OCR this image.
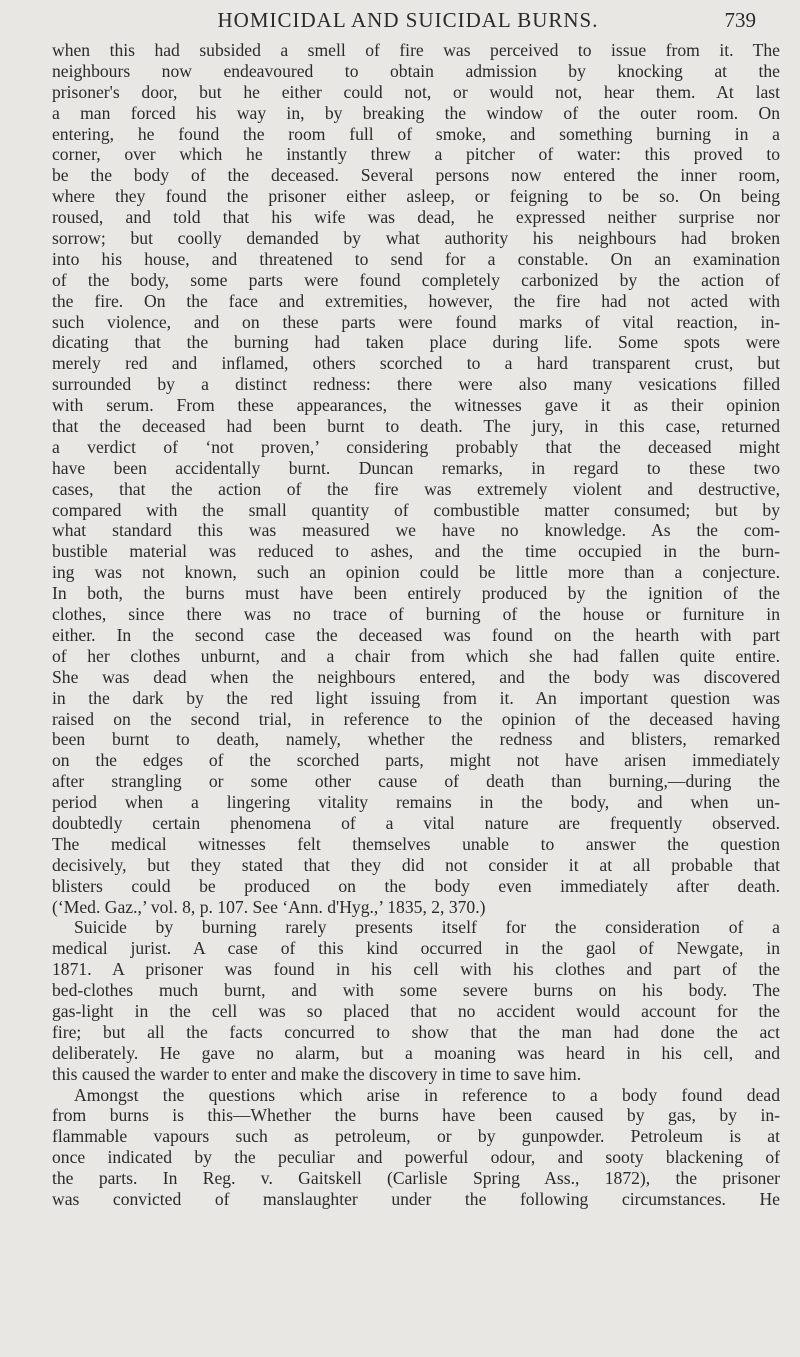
HOMICIDAL AND SUICIDAL BURNS.	739
when this had subsided a smell of fire was perceived to issue from it. The
neighbours now endeavoured to obtain admission by knocking at the
prisoner's door, but he either could not, or would not, hear them. At last
a man forced his way in, by breaking the window of the outer room. On
entering, he found the room full of smoke, and something burning in a
corner, over which he instantly threw a pitcher of water: this proved to
be the body of the deceased. Several persons now entered the inner room,
where they found the prisoner either asleep, or feigning to be so. On being
roused, and told that his wife was dead, he expressed neither surprise nor
sorrow; but coolly demanded by what authority his neighbours had broken
into his house, and threatened to send for a constable. On an examination
of the body, some parts were found completely carbonized by the action of
the fire. On the face and extremities, however, the fire had not acted with
such violence, and on these parts were found marks of vital reaction, in-
dicating that the burning had taken place during life. Some spots were
merely red and inflamed, others scorched to a hard transparent crust, but
surrounded by a distinct redness: there were also many vesications filled
with serum. From these appearances, the witnesses gave it as their opinion
that the deceased had been burnt to death. The jury, in this case, returned
a verdict of ‘not proven,’ considering probably that the deceased might
have been accidentally burnt. Duncan remarks, in regard to these two
cases, that the action of the fire was extremely violent and destructive,
compared with the small quantity of combustible matter consumed; but by
what standard this was measured we have no knowledge. As the com-
bustible material was reduced to ashes, and the time occupied in the burn-
ing was not known, such an opinion could be little more than a conjecture.
In both, the burns must have been entirely produced by the ignition of the
clothes, since there was no trace of burning of the house or furniture in
either. In the second case the deceased was found on the hearth with part
of her clothes unburnt, and a chair from which she had fallen quite entire.
She was dead when the neighbours entered, and the body was discovered
in the dark by the red light issuing from it. An important question was
raised on the second trial, in reference to the opinion of the deceased having
been burnt to death, namely, whether the redness and blisters, remarked
on the edges of the scorched parts, might not have arisen immediately
after strangling or some other cause of death than burning,—during the
period when a lingering vitality remains in the body, and when un-
doubtedly certain phenomena of a vital nature are frequently observed.
The medical witnesses felt themselves unable to answer the question
decisively, but they stated that they did not consider it at all probable that
blisters could be produced on the body even immediately after death.
(‘Med. Gaz.,’ vol. 8, p. 107. See ‘Ann. d'Hyg.,’ 1835, 2, 370.)
Suicide by burning rarely presents itself for the consideration of a
medical jurist. A case of this kind occurred in the gaol of Newgate, in
1871. A prisoner was found in his cell with his clothes and part of the
bed-clothes much burnt, and with some severe burns on his body. The
gas-light in the cell was so placed that no accident would account for the
fire; but all the facts concurred to show that the man had done the act
deliberately. He gave no alarm, but a moaning was heard in his cell, and
this caused the warder to enter and make the discovery in time to save him.
Amongst the questions which arise in reference to a body found dead
from burns is this—Whether the burns have been caused by gas, by in-
flammable vapours such as petroleum, or by gunpowder. Petroleum is at
once indicated by the peculiar and powerful odour, and sooty blackening of
the parts. In Reg. v. Gaitskell (Carlisle Spring Ass., 1872), the prisoner
was convicted of manslaughter under the following circumstances. He
